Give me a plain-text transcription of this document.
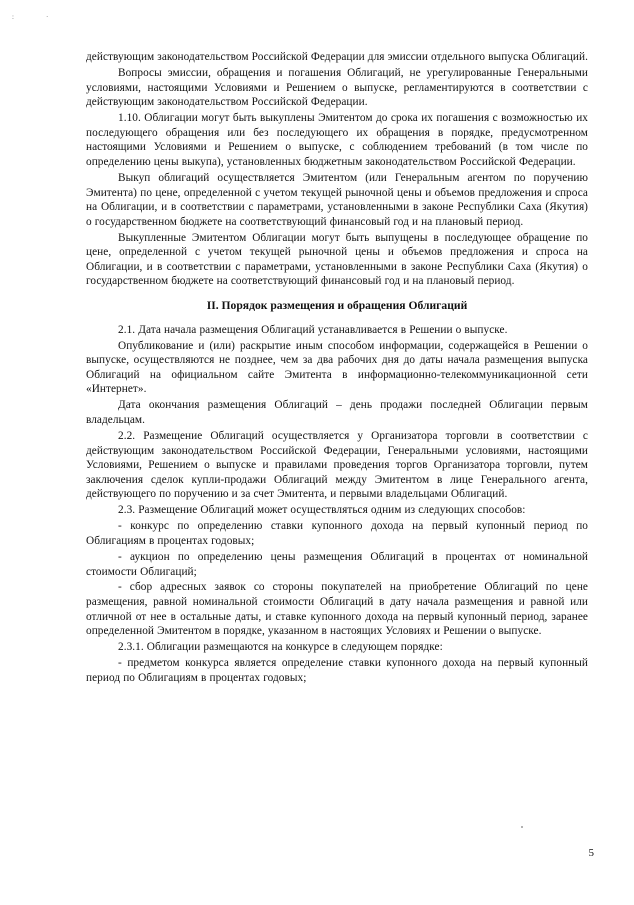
:	·

действующим законодательством Российской Федерации для эмиссии отдельного выпуска Облигаций.

Вопросы эмиссии, обращения и погашения Облигаций, не урегулированные Генеральными условиями, настоящими Условиями и Решением о выпуске, регламентируются в соответствии с действующим законодательством Российской Федерации.

1.10. Облигации могут быть выкуплены Эмитентом до срока их погашения с возможностью их последующего обращения или без последующего их обращения в порядке, предусмотренном настоящими Условиями и Решением о выпуске, с соблюдением требований (в том числе по определению цены выкупа), установленных бюджетным законодательством Российской Федерации.

Выкуп облигаций осуществляется Эмитентом (или Генеральным агентом по поручению Эмитента) по цене, определенной с учетом текущей рыночной цены и объемов предложения и спроса на Облигации, и в соответствии с параметрами, установленными в законе Республики Саха (Якутия) о государственном бюджете на соответствующий финансовый год и на плановый период.

Выкупленные Эмитентом Облигации могут быть выпущены в последующее обращение по цене, определенной с учетом текущей рыночной цены и объемов предложения и спроса на Облигации, и в соответствии с параметрами, установленными в законе Республики Саха (Якутия) о государственном бюджете на соответствующий финансовый год и на плановый период.

II. Порядок размещения и обращения Облигаций

2.1. Дата начала размещения Облигаций устанавливается в Решении о выпуске.

Опубликование и (или) раскрытие иным способом информации, содержащейся в Решении о выпуске, осуществляются не позднее, чем за два рабочих дня до даты начала размещения выпуска Облигаций на официальном сайте Эмитента в информационно-телекоммуникационной сети «Интернет».

Дата окончания размещения Облигаций – день продажи последней Облигации первым владельцам.

2.2. Размещение Облигаций осуществляется у Организатора торговли в соответствии с действующим законодательством Российской Федерации, Генеральными условиями, настоящими Условиями, Решением о выпуске и правилами проведения торгов Организатора торговли, путем заключения сделок купли-продажи Облигаций между Эмитентом в лице Генерального агента, действующего по поручению и за счет Эмитента, и первыми владельцами Облигаций.

2.3. Размещение Облигаций может осуществляться одним из следующих способов:

- конкурс по определению ставки купонного дохода на первый купонный период по Облигациям в процентах годовых;

- аукцион по определению цены размещения Облигаций в процентах от номинальной стоимости Облигаций;

- сбор адресных заявок со стороны покупателей на приобретение Облигаций по цене размещения, равной номинальной стоимости Облигаций в дату начала размещения и равной или отличной от нее в остальные даты, и ставке купонного дохода на первый купонный период, заранее определенной Эмитентом в порядке, указанном в настоящих Условиях и Решении о выпуске.

2.3.1. Облигации размещаются на конкурсе в следующем порядке:

- предметом конкурса является определение ставки купонного дохода на первый купонный период по Облигациям в процентах годовых;

5
